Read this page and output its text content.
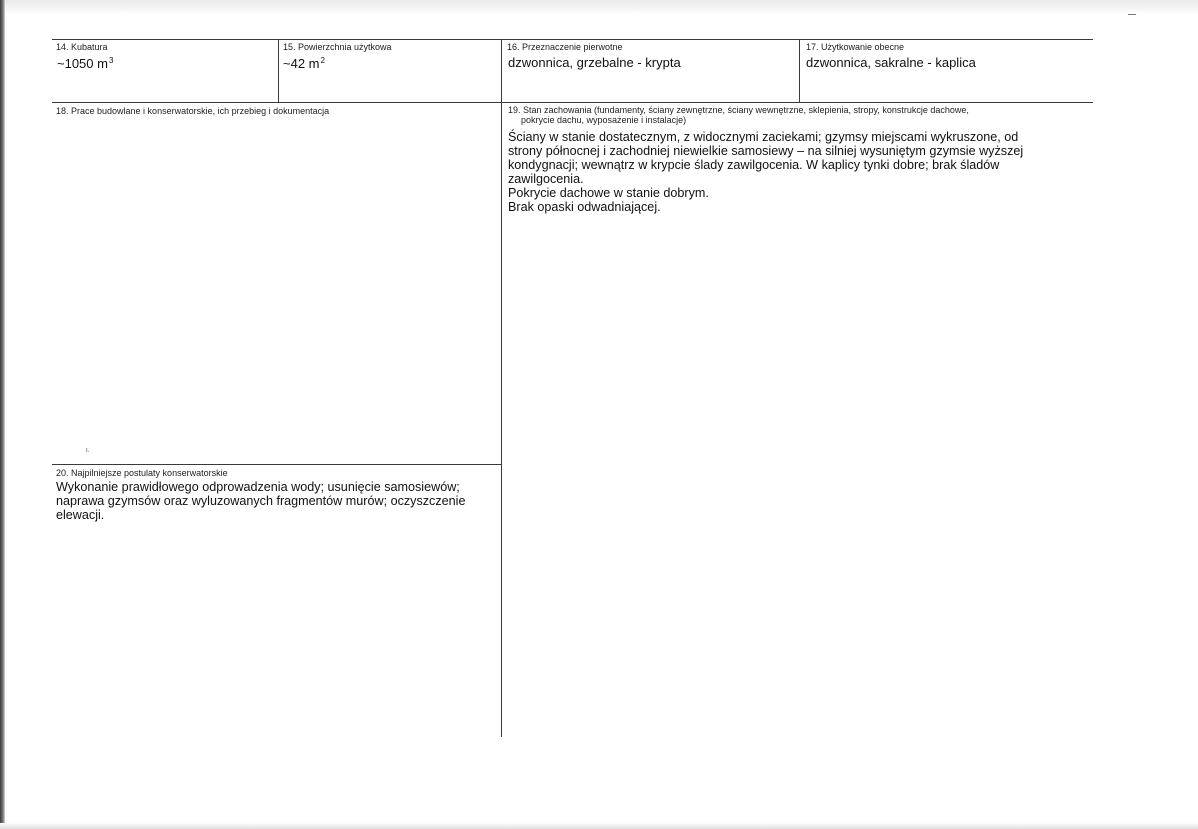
14. Kubatura
~1050 $m^3$
15. Powierzchnia użytkowa
~42 $m^2$
16. Przeznaczenie pierwotne
dzwonnica, grzebalne - krypta
17. Użytkowanie obecne
dzwonnica, sakralne - kaplica
18. Prace budowlane i konserwatorskie, ich przebieg i dokumentacja
ι.
19. Stan zachowania (fundamenty, ściany zewnętrzne, ściany wewnętrzne, sklepienia, stropy, konstrukcje dachowe,
pokrycie dachu, wyposażenie i instalacje)

Ściany w stanie dostatecznym, z widocznymi zaciekami; gzymsy miejscami wykruszone, od

strony północnej i zachodniej niewielkie samosiewy – na silniej wysuniętym gzymsie wyższej

kondygnacji; wewnątrz w krypcie ślady zawilgocenia. W kaplicy tynki dobre; brak śladów

zawilgocenia.

Pokrycie dachowe w stanie dobrym.

Brak opaski odwadniającej.

20. Najpilniejsze postulaty konserwatorskie

Wykonanie prawidłowego odprowadzenia wody; usunięcie samosiewów;

naprawa gzymsów oraz wyluzowanych fragmentów murów; oczyszczenie

elewacji.
